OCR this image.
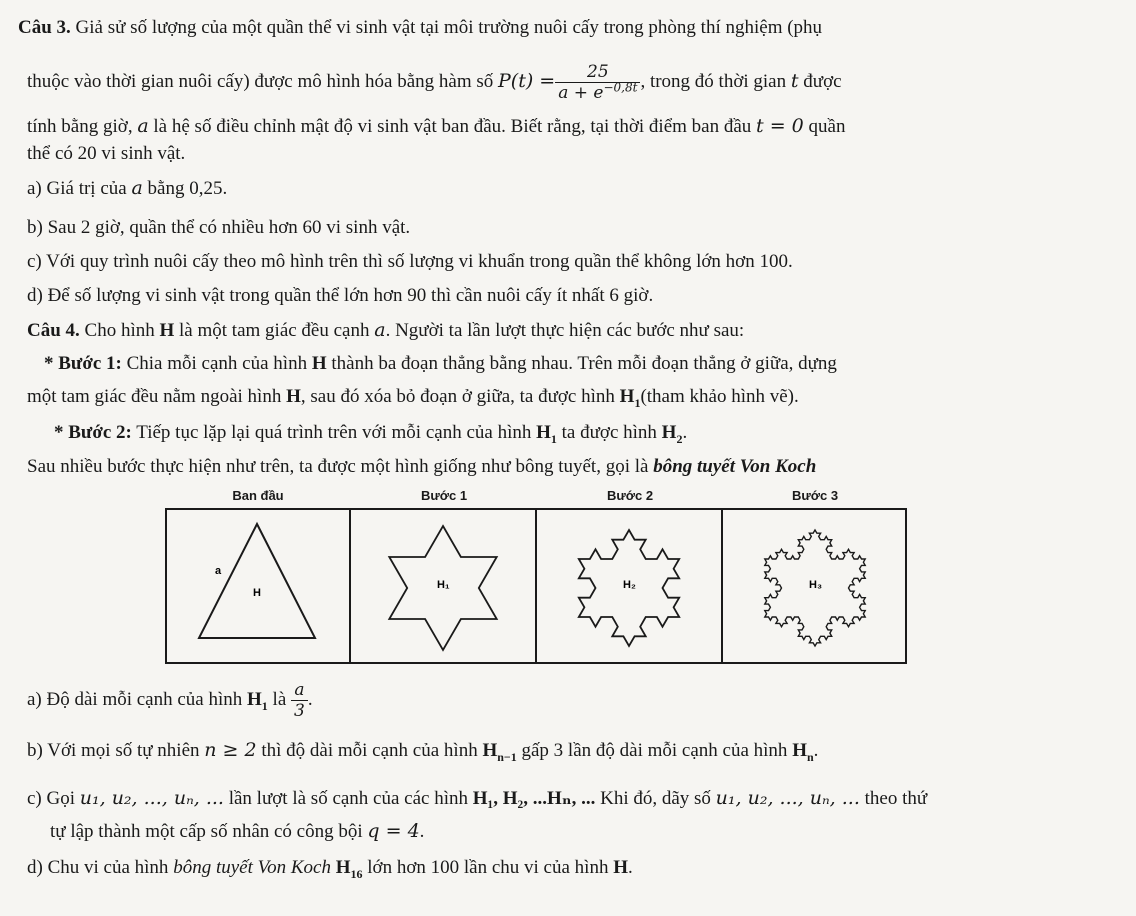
Câu 3. Giả sử số lượng của một quần thể vi sinh vật tại môi trường nuôi cấy trong phòng thí nghiệm (phụ
thuộc vào thời gian nuôi cấy) được mô hình hóa bằng hàm số $P(t) = \frac{25}{a + e^{-0,8t}}$ , trong đó thời gian t được
tính bằng giờ, a là hệ số điều chỉnh mật độ vi sinh vật ban đầu. Biết rằng, tại thời điểm ban đầu t = 0 quần
thể có 20 vi sinh vật.
a) Giá trị của a bằng 0,25.
b) Sau 2 giờ, quần thể có nhiều hơn 60 vi sinh vật.
c) Với quy trình nuôi cấy theo mô hình trên thì số lượng vi khuẩn trong quần thể không lớn hơn 100.
d) Để số lượng vi sinh vật trong quần thể lớn hơn 90 thì cần nuôi cấy ít nhất 6 giờ.
Câu 4. Cho hình H là một tam giác đều cạnh a. Người ta lần lượt thực hiện các bước như sau:
* Bước 1: Chia mỗi cạnh của hình H thành ba đoạn thẳng bằng nhau. Trên mỗi đoạn thẳng ở giữa, dựng
một tam giác đều nằm ngoài hình H, sau đó xóa bỏ đoạn ở giữa, ta được hình $H_1(tham$ khảo hình vẽ).
* Bước 2: Tiếp tục lặp lại quá trình trên với mỗi cạnh của hình $H_1$ ta được hình $H_2$.
Sau nhiều bước thực hiện như trên, ta được một hình giống như bông tuyết, gọi là bông tuyết Von Koch
Ban đầu
a
H
Bước 1
H₁
Bước 2
H₂
Bước 3
H₃
a) Độ dài mỗi cạnh của hình $H_1$ là $\frac{a}{3}$ .
b) Với mọi số tự nhiên n ≥ 2 thì độ dài mỗi cạnh của hình $H_{n-1}$ gấp 3 lần độ dài mỗi cạnh của hình $H_n$.
c) Gọi u₁, u₂, ..., uₙ, ... lần lượt là số cạnh của các hình H₁, H₂, ...Hₙ, ... Khi đó, dãy số u₁, u₂, ..., uₙ, ... theo thứ
tự lập thành một cấp số nhân có công bội q = 4.
d) Chu vi của hình bông tuyết Von Koch $H_{16}$ lớn hơn 100 lần chu vi của hình H.
